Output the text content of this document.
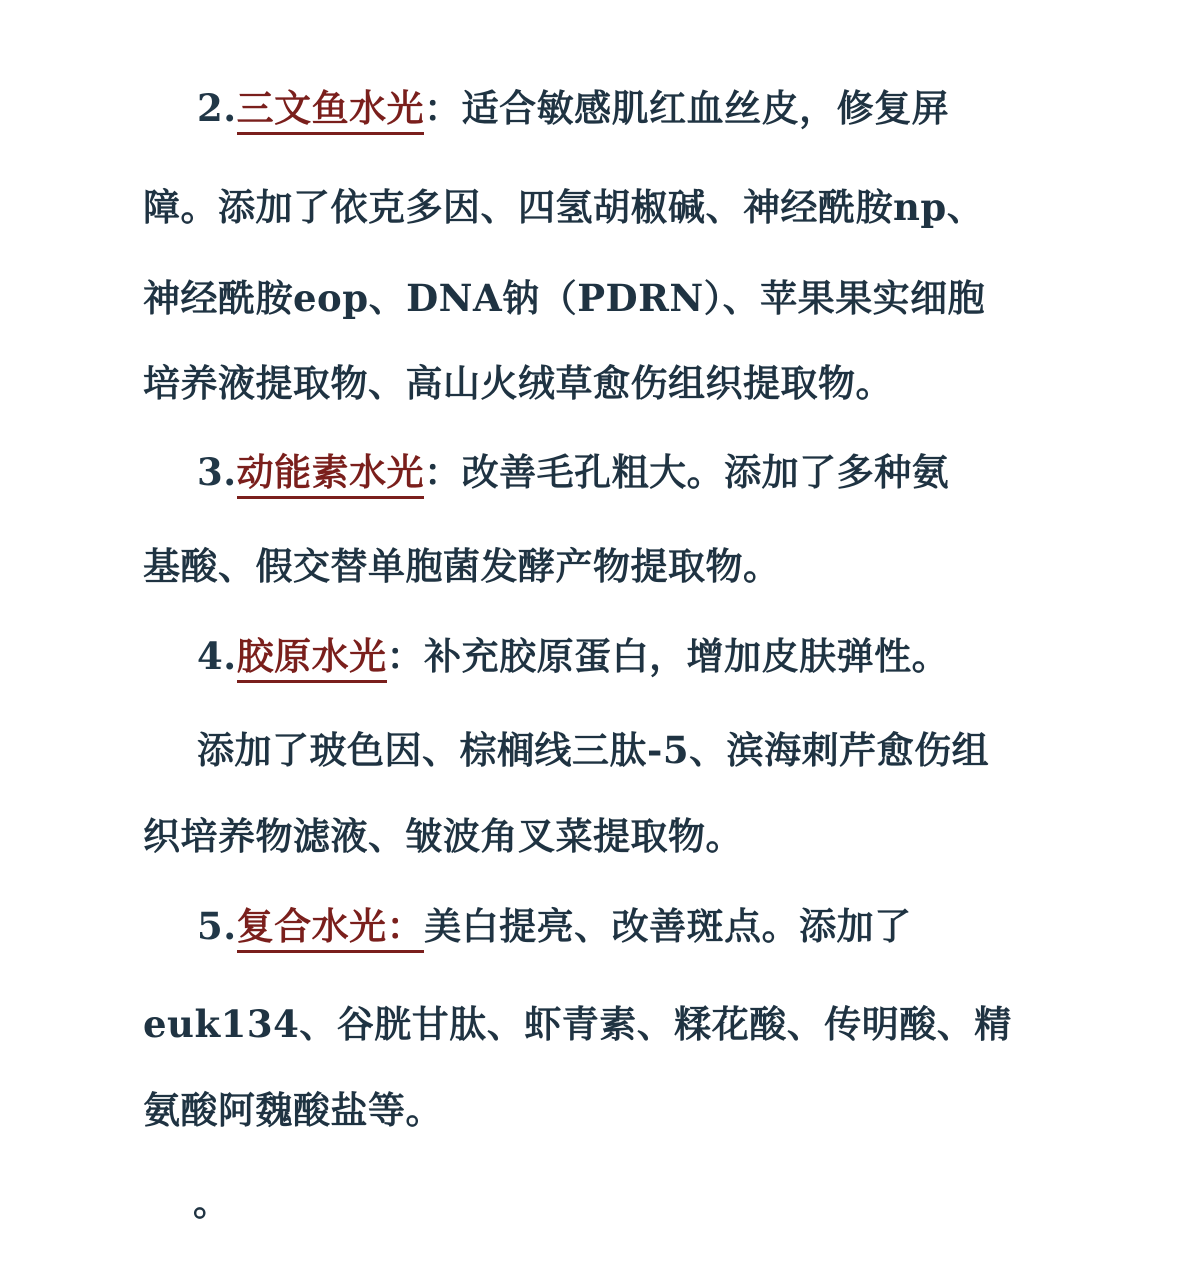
2.三文鱼水光：适合敏感肌红血丝皮，修复屏
障。添加了依克多因、四氢胡椒碱、神经酰胺np、
神经酰胺eop、DNA钠（PDRN）、苹果果实细胞
培养液提取物、高山火绒草愈伤组织提取物。
3.动能素水光：改善毛孔粗大。添加了多种氨
基酸、假交替单胞菌发酵产物提取物。
4.胶原水光：补充胶原蛋白，增加皮肤弹性。
添加了玻色因、棕榈线三肽-5、滨海刺芹愈伤组
织培养物滤液、皱波角叉菜提取物。
5.复合水光：美白提亮、改善斑点。添加了
euk134、谷胱甘肽、虾青素、糅花酸、传明酸、精
氨酸阿魏酸盐等。
。
